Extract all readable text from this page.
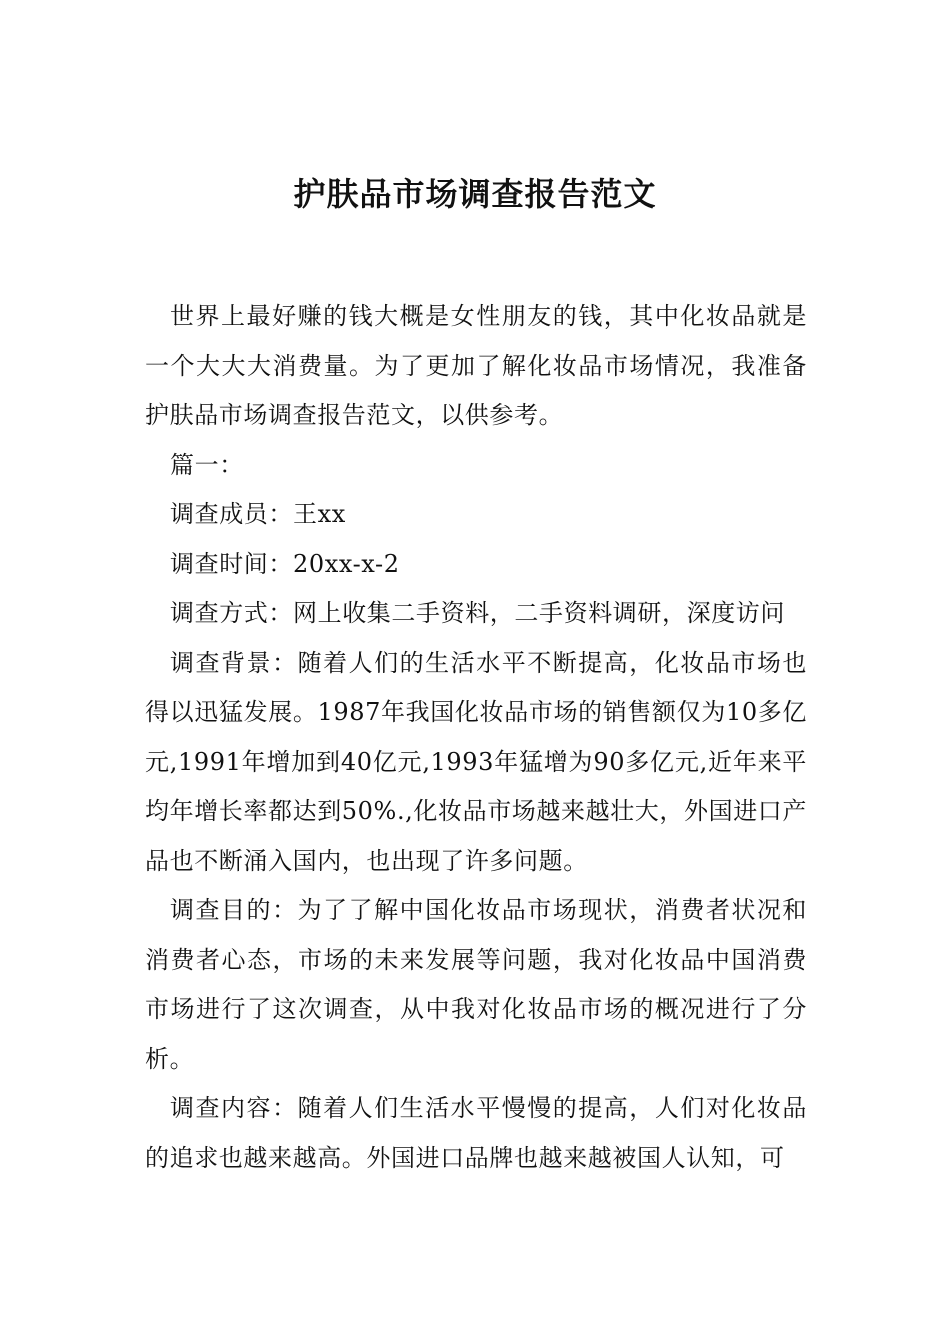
护肤品市场调查报告范文

世界上最好赚的钱大概是女性朋友的钱，其中化妆品就是一个大大大消费量。为了更加了解化妆品市场情况，我准备护肤品市场调查报告范文，以供参考。

篇一：

调查成员：王xx

调查时间：20xx-x-2

调查方式：网上收集二手资料，二手资料调研，深度访问

调查背景：随着人们的生活水平不断提高，化妆品市场也得以迅猛发展。1987年我国化妆品市场的销售额仅为10多亿元,1991年增加到40亿元,1993年猛增为90多亿元,近年来平均年增长率都达到50%.,化妆品市场越来越壮大，外国进口产品也不断涌入国内，也出现了许多问题。

调查目的：为了了解中国化妆品市场现状，消费者状况和消费者心态，市场的未来发展等问题，我对化妆品中国消费市场进行了这次调查，从中我对化妆品市场的概况进行了分析。

调查内容：随着人们生活水平慢慢的提高，人们对化妆品的追求也越来越高。外国进口品牌也越来越被国人认知，可
